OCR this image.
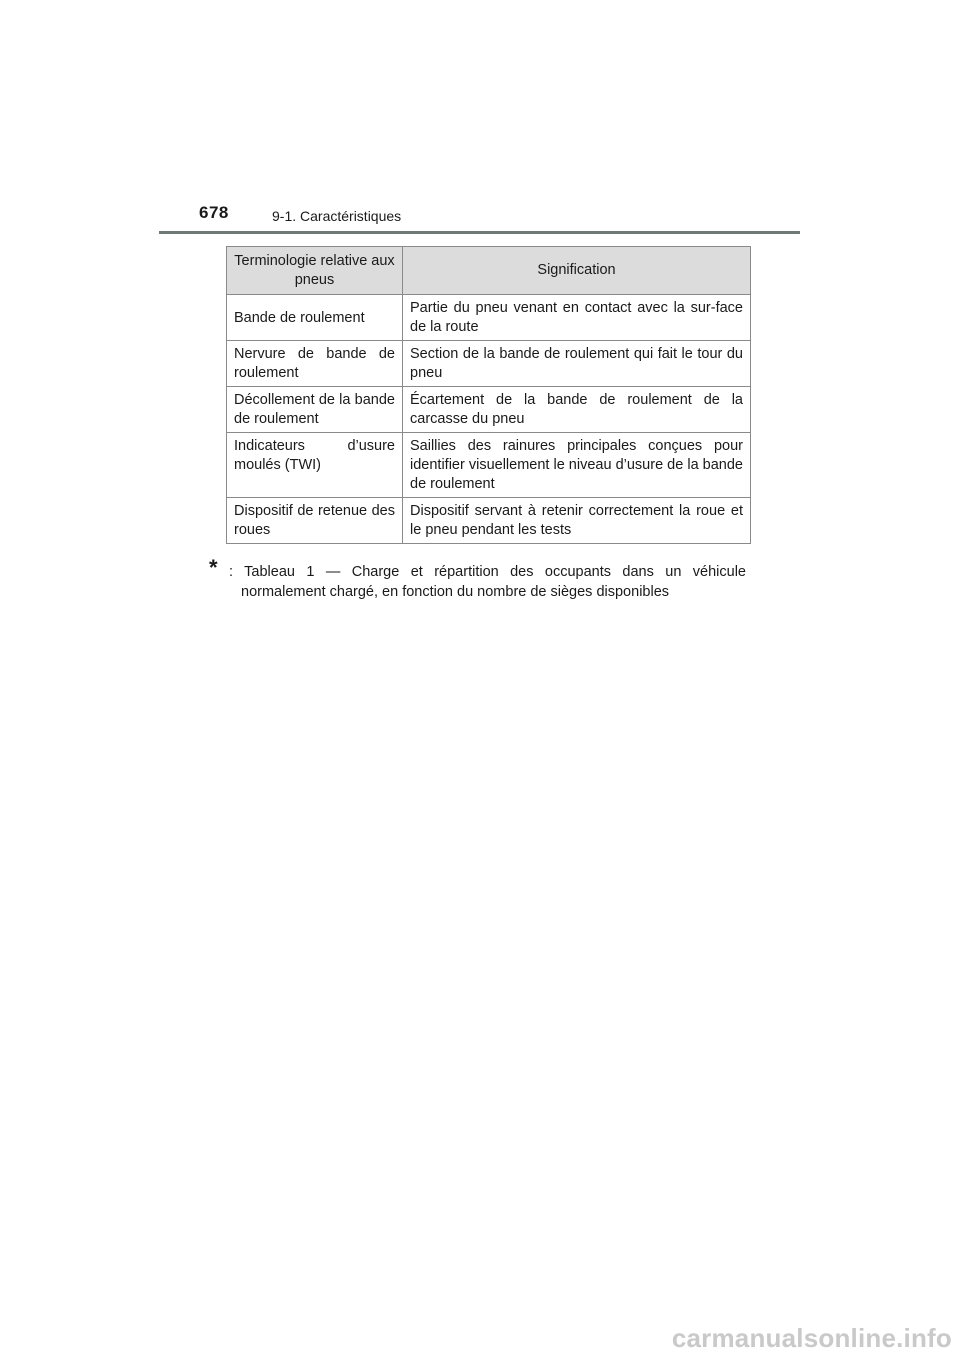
678	9-1. Caractéristiques
Terminologie relative aux pneus	Signification
Bande de roulement	Partie du pneu venant en contact avec la sur-face de la route
Nervure de bande de roulement	Section de la bande de roulement qui fait le tour du pneu
Décollement de la bande de roulement	Écartement de la bande de roulement de la carcasse du pneu
Indicateurs d’usure moulés (TWI)	Saillies des rainures principales conçues pour identifier visuellement le niveau d’usure de la bande de roulement
Dispositif de retenue des roues	Dispositif servant à retenir correctement la roue et le pneu pendant les tests
* : Tableau 1 — Charge et répartition des occupants dans un véhicule normalement chargé, en fonction du nombre de sièges disponibles
carmanualsonline.info
